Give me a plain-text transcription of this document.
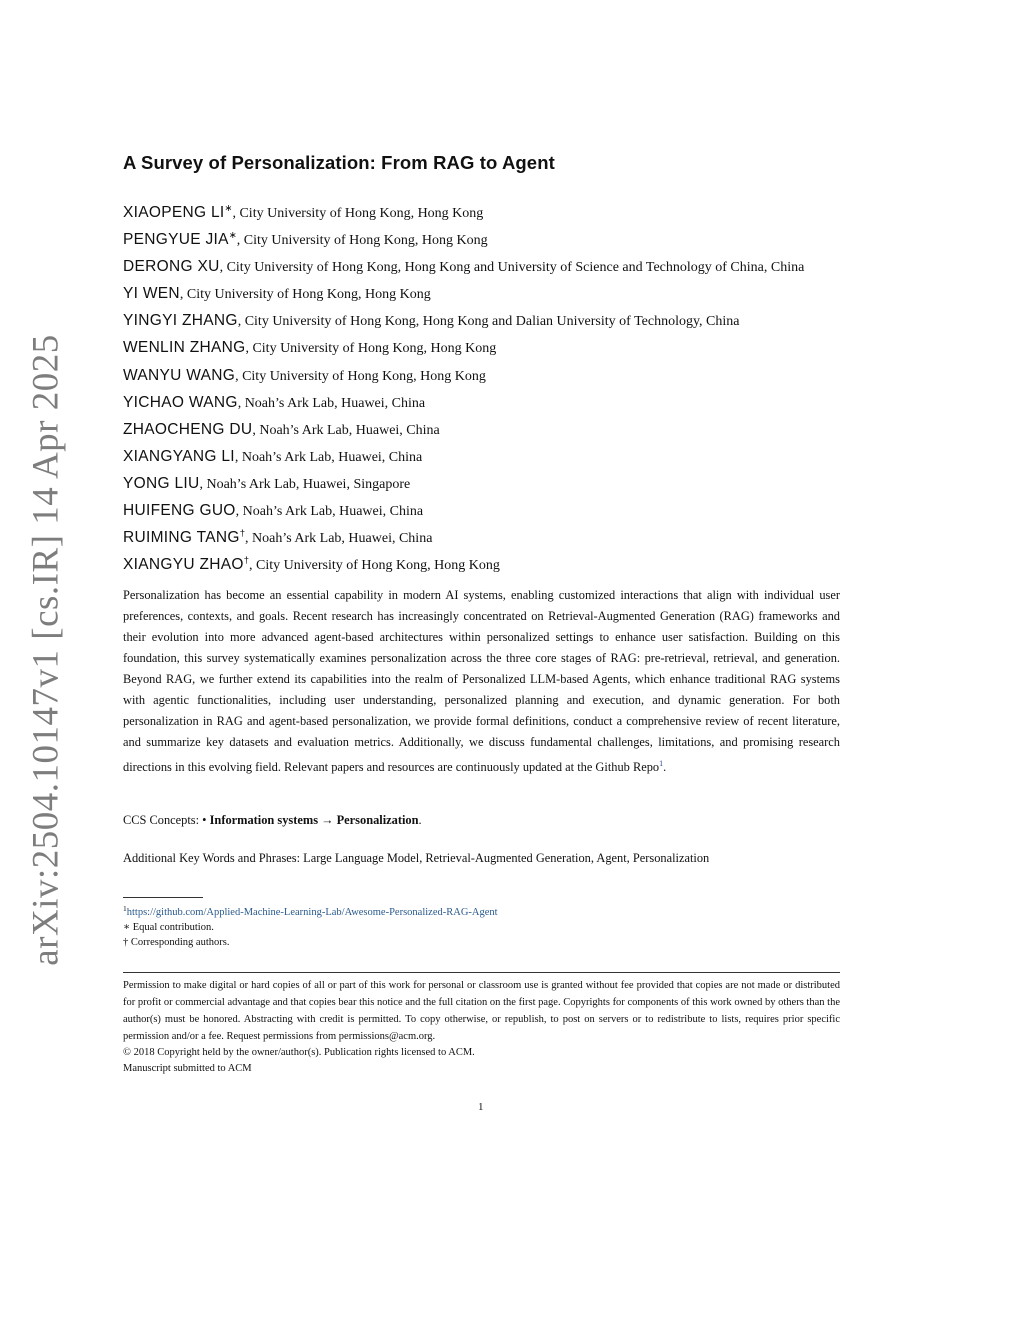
arXiv:2504.10147v1 [cs.IR] 14 Apr 2025
A Survey of Personalization: From RAG to Agent
XIAOPENG LI∗, City University of Hong Kong, Hong Kong
PENGYUE JIA∗, City University of Hong Kong, Hong Kong
DERONG XU, City University of Hong Kong, Hong Kong and University of Science and Technology of China, China
YI WEN, City University of Hong Kong, Hong Kong
YINGYI ZHANG, City University of Hong Kong, Hong Kong and Dalian University of Technology, China
WENLIN ZHANG, City University of Hong Kong, Hong Kong
WANYU WANG, City University of Hong Kong, Hong Kong
YICHAO WANG, Noah’s Ark Lab, Huawei, China
ZHAOCHENG DU, Noah’s Ark Lab, Huawei, China
XIANGYANG LI, Noah’s Ark Lab, Huawei, China
YONG LIU, Noah’s Ark Lab, Huawei, Singapore
HUIFENG GUO, Noah’s Ark Lab, Huawei, China
RUIMING TANG†, Noah’s Ark Lab, Huawei, China
XIANGYU ZHAO†, City University of Hong Kong, Hong Kong
Personalization has become an essential capability in modern AI systems, enabling customized interactions that align with individual user preferences, contexts, and goals. Recent research has increasingly concentrated on Retrieval-Augmented Generation (RAG) frameworks and their evolution into more advanced agent-based architectures within personalized settings to enhance user satisfaction. Building on this foundation, this survey systematically examines personalization across the three core stages of RAG: pre-retrieval, retrieval, and generation. Beyond RAG, we further extend its capabilities into the realm of Personalized LLM-based Agents, which enhance traditional RAG systems with agentic functionalities, including user understanding, personalized planning and execution, and dynamic generation. For both personalization in RAG and agent-based personalization, we provide formal definitions, conduct a comprehensive review of recent literature, and summarize key datasets and evaluation metrics. Additionally, we discuss fundamental challenges, limitations, and promising research directions in this evolving field. Relevant papers and resources are continuously updated at the Github Repo$^1$.
CCS Concepts: • Information systems → Personalization.
Additional Key Words and Phrases: Large Language Model, Retrieval-Augmented Generation, Agent, Personalization
$^1$https://github.com/Applied-Machine-Learning-Lab/Awesome-Personalized-RAG-Agent
∗ Equal contribution.
† Corresponding authors.
Permission to make digital or hard copies of all or part of this work for personal or classroom use is granted without fee provided that copies are not made or distributed for profit or commercial advantage and that copies bear this notice and the full citation on the first page. Copyrights for components of this work owned by others than the author(s) must be honored. Abstracting with credit is permitted. To copy otherwise, or republish, to post on servers or to redistribute to lists, requires prior specific permission and/or a fee. Request permissions from permissions@acm.org.
© 2018 Copyright held by the owner/author(s). Publication rights licensed to ACM.
Manuscript submitted to ACM
1
